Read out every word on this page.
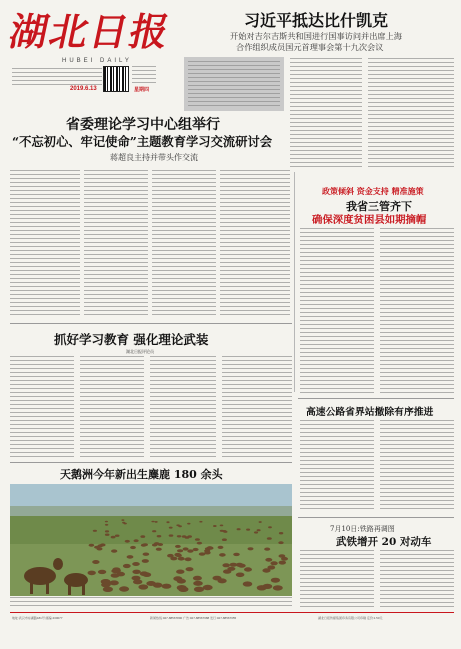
湖北日报
HUBEI DAILY
2019.6.13	星期四
习近平抵达比什凯克
开始对吉尔吉斯共和国进行国事访问并出席上海
合作组织成员国元首理事会第十九次会议
省委理论学习中心组举行
“不忘初心、牢记使命”主题教育学习交流研讨会
蒋超良主持并带头作交流
政策倾斜 资金支持 精准施策
我省三管齐下
确保深度贫困县如期摘帽
抓好学习教育 强化理论武装
湖北日报评论员
高速公路省界站撤除有序推进
天鹅洲今年新出生麋鹿 180 余头
7月10日:铁路再调图
武铁增开 20 对动车
地址:武汉市东湖路181号 邮编:430077	新闻热线:027-88567890 广告:027-88567688 发行:027-88567655	湖北日报传媒集团印务有限公司印刷 定价:1.50元
